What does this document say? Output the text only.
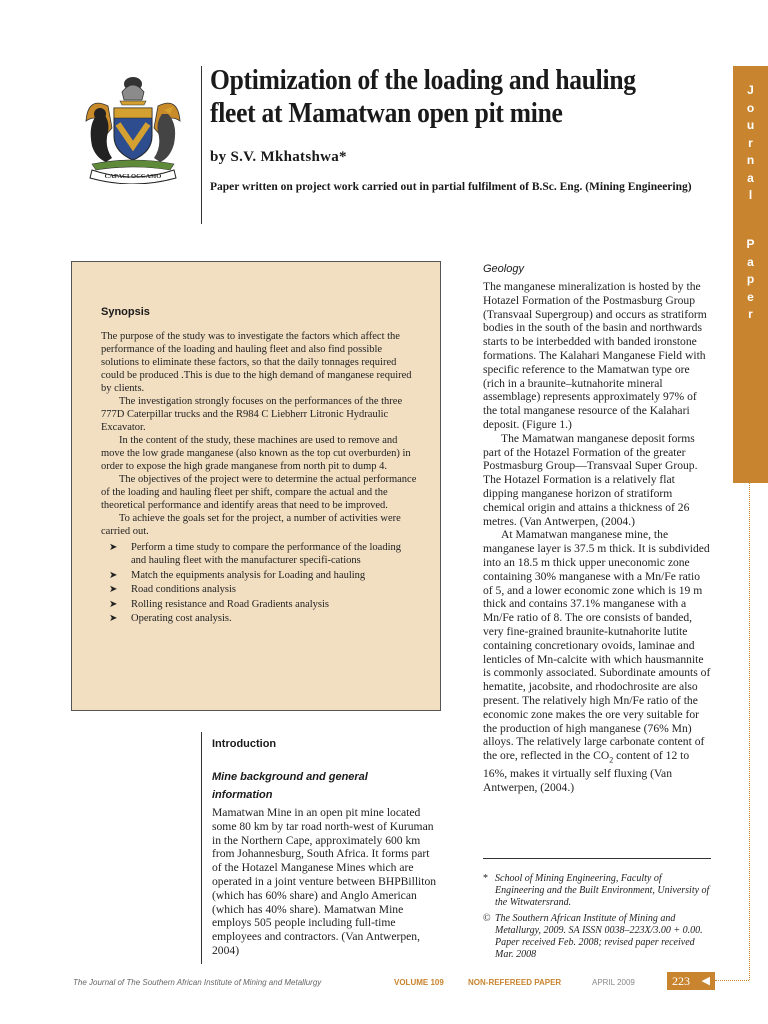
CAPACI OCCASIO
Optimization of the loading and hauling fleet at Mamatwan open pit mine
by S.V. Mkhatshwa*
Paper written on project work carried out in partial fulfilment of B.Sc. Eng. (Mining Engineering)
J
o
u
r
n
a
l
P
a
p
e
r
Synopsis

The purpose of the study was to investigate the factors which affect the performance of the loading and hauling fleet and also find possible solutions to eliminate these factors, so that the daily tonnages required could be produced .This is due to the high demand of manganese required by clients.

The investigation strongly focuses on the performances of the three 777D Caterpillar trucks and the R984 C Liebherr Litronic Hydraulic Excavator.

In the content of the study, these machines are used to remove and move the low grade manganese (also known as the top cut overburden) in order to expose the high grade manganese from north pit to dump 4.

The objectives of the project were to determine the actual performance of the loading and hauling fleet per shift, compare the actual and the theoretical performance and identify areas that need to be improved.

To achieve the goals set for the project, a number of activities were carried out.

➤ Perform a time study to compare the performance of the loading and hauling fleet with the manufacturer specifi-cations
➤ Match the equipments analysis for Loading and hauling
➤ Road conditions analysis
➤ Rolling resistance and Road Gradients analysis
➤ Operating cost analysis.
Introduction
Mine background and general information
Mamatwan Mine in an open pit mine located some 80 km by tar road north-west of Kuruman in the Northern Cape, approximately 600 km from Johannesburg, South Africa. It forms part of the Hotazel Manganese Mines which are operated in a joint venture between BHPBilliton (which has 60% share) and Anglo American (which has 40% share). Mamatwan Mine employs 505 people including full-time employees and contractors. (Van Antwerpen, 2004)
Geology

The manganese mineralization is hosted by the Hotazel Formation of the Postmasburg Group (Transvaal Supergroup) and occurs as stratiform bodies in the south of the basin and northwards starts to be interbedded with banded ironstone formations. The Kalahari Manganese Field with specific reference to the Mamatwan type ore (rich in a braunite–kutnahorite mineral assemblage) represents approximately 97% of the total manganese resource of the Kalahari deposit. (Figure 1.)

The Mamatwan manganese deposit forms part of the Hotazel Formation of the greater Postmasburg Group—Transvaal Super Group. The Hotazel Formation is a relatively flat dipping manganese horizon of stratiform chemical origin and attains a thickness of 26 metres. (Van Antwerpen, (2004.)

At Mamatwan manganese mine, the manganese layer is 37.5 m thick. It is subdivided into an 18.5 m thick upper uneconomic zone containing 30% manganese with a Mn/Fe ratio of 5, and a lower economic zone which is 19 m thick and contains 37.1% manganese with a Mn/Fe ratio of 8. The ore consists of banded, very fine-grained braunite-kutnahorite lutite containing concretionary ovoids, laminae and lenticles of Mn-calcite with which hausmannite is commonly associated. Subordinate amounts of hematite, jacobsite, and rhodochrosite are also present. The relatively high Mn/Fe ratio of the economic zone makes the ore very suitable for the production of high manganese (76% Mn) alloys. The relatively large carbonate content of the ore, reflected in the $CO_2$ content of 12 to 16%, makes it virtually self fluxing (Van Antwerpen, (2004.)

* School of Mining Engineering, Faculty of Engineering and the Built Environment, University of the Witwatersrand.
© The Southern African Institute of Mining and Metallurgy, 2009. SA ISSN 0038–223X/3.00 + 0.00. Paper received Feb. 2008; revised paper received Mar. 2008
The Journal of The Southern African Institute of Mining and Metallurgy	VOLUME 109	NON-REFEREED PAPER	APRIL 2009	223 ◀
